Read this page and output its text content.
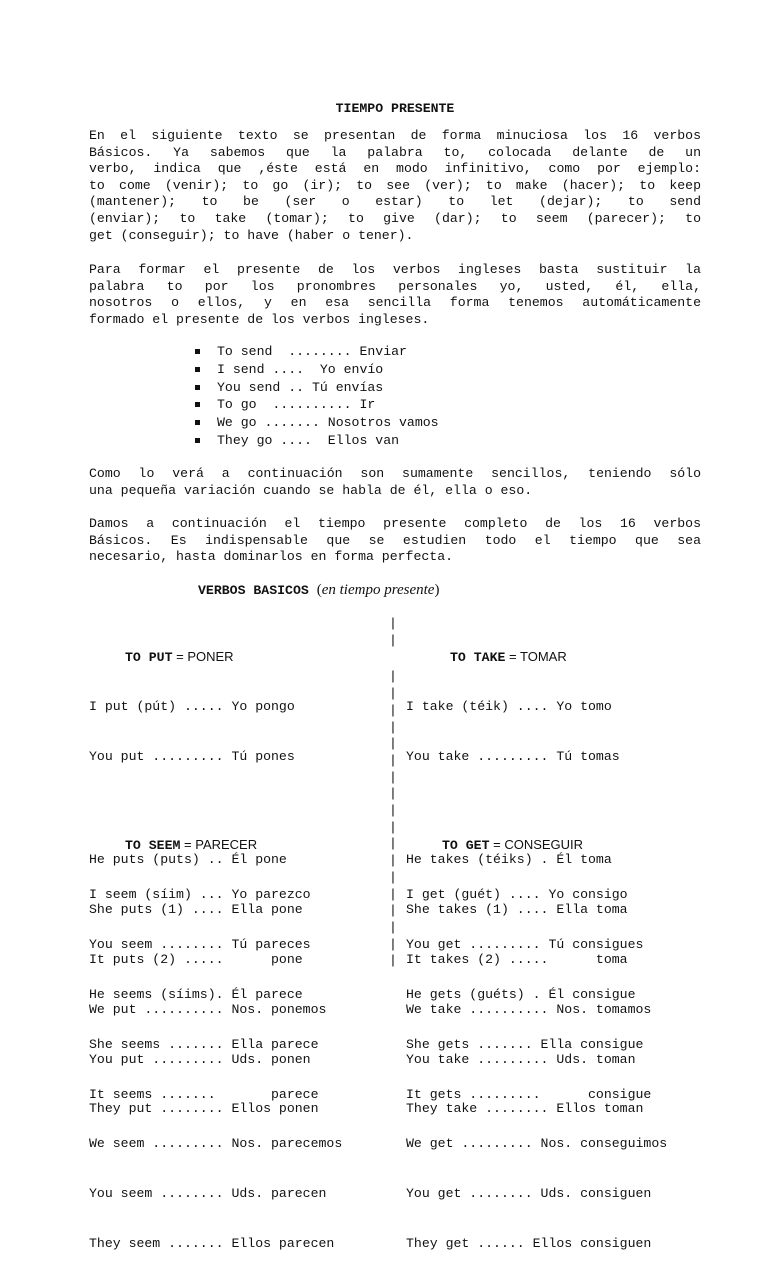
TIEMPO PRESENTE
En el siguiente texto se presentan de forma minuciosa los 16 verbos
Básicos. Ya sabemos que la palabra to, colocada delante de un
verbo, indica que ,éste está en modo infinitivo, como por ejemplo:
to come (venir); to go (ir); to see (ver); to make (hacer); to keep
(mantener); to be (ser o estar) to let (dejar); to send
(enviar); to take (tomar); to give (dar); to seem (parecer); to
get (conseguir); to have (haber o tener).
Para formar el presente de los verbos ingleses basta sustituir la
palabra to por los pronombres personales yo, usted, él, ella,
nosotros o ellos, y en esa sencilla forma tenemos automáticamente
formado el presente de los verbos ingleses.
To send  ........ Enviar
I send ....  Yo envío
You send .. Tú envías
To go  .......... Ir
We go ....... Nosotros vamos
They go ....  Ellos van
Como lo verá a continuación son sumamente sencillos, teniendo sólo
una pequeña variación cuando se habla de él, ella o eso.
Damos a continuación el tiempo presente completo de los 16 verbos
Básicos. Es indispensable que se estudien todo el tiempo que sea
necesario, hasta dominarlos en forma perfecta.
VERBOS BASICOS (en tiempo presente)

TO PUT = PONER

I put (pút) ..... Yo pongo

You put ......... Tú pones

He puts (puts) .. Él pone

She puts (1) .... Ella pone

It puts (2) .....      pone

We put .......... Nos. ponemos

You put ......... Uds. ponen

They put ........ Ellos ponen

TO TAKE = TOMAR

I take (téik) .... Yo tomo

You take ......... Tú tomas

He takes (téiks) . Él toma

She takes (1) .... Ella toma

It takes (2) .....      toma

We take .......... Nos. tomamos

You take ......... Uds. toman

They take ........ Ellos toman

TO SEEM = PARECER

I seem (síim) ... Yo parezco

You seem ........ Tú pareces

He seems (síims). Él parece

She seems ....... Ella parece

It seems .......       parece

We seem ......... Nos. parecemos

You seem ........ Uds. parecen

They seem ....... Ellos parecen

TO GET = CONSEGUIR

I get (guét) .... Yo consigo

You get ......... Tú consigues

He gets (guéts) . Él consigue

She gets ....... Ella consigue

It gets .........      consigue

We get ......... Nos. conseguimos

You get ........ Uds. consiguen

They get ...... Ellos consiguen

|
|
|
|
|
|
|
|
|
|
|
|
|
|
|
|
|
|
|
|
